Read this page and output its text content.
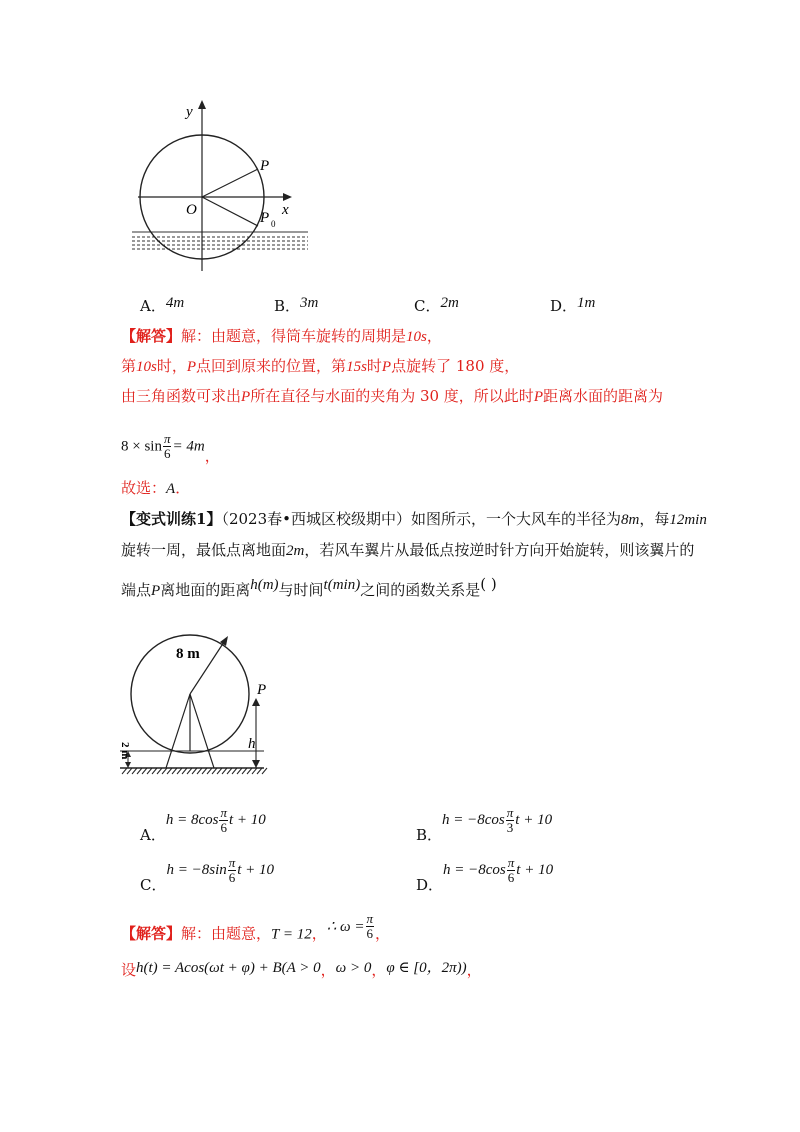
y
x
O
P
P 0
A．4m	B．3m	C．2m	D．1m
【解答】解：由题意，得筒车旋转的周期是10s，
第10s时，P点回到原来的位置，第15s时P点旋转了 180 度，
由三角函数可求出P所在直径与水面的夹角为 30 度，所以此时P距离水面的距离为
$8 \times \sin \frac{\pi}{6} = 4m$，
故选：A．
【变式训练1】（2023春•西城区校级期中）如图所示，一个大风车的半径为8m，每12min
旋转一周，最低点离地面2m，若风车翼片从最低点按逆时针方向开始旋转，则该翼片的
端点P离地面的距离h(m)与时间t(min)之间的函数关系是( )
8 m
P
h
2 m
A．$h = 8\cos \frac{\pi}{6}$ t + 10
B．$h = -8\cos \frac{\pi}{3}$ t + 10
C．$h = -8\sin \frac{\pi}{6}$ t + 10
D．$h = -8\cos \frac{\pi}{6}$ t + 10
【解答】解：由题意，T = 12，∴ $\omega = \frac{\pi}{6}$ ，
设h(t) = Acos(ωt + φ) + B(A > 0，ω > 0，φ ∈ [0，2π))，
